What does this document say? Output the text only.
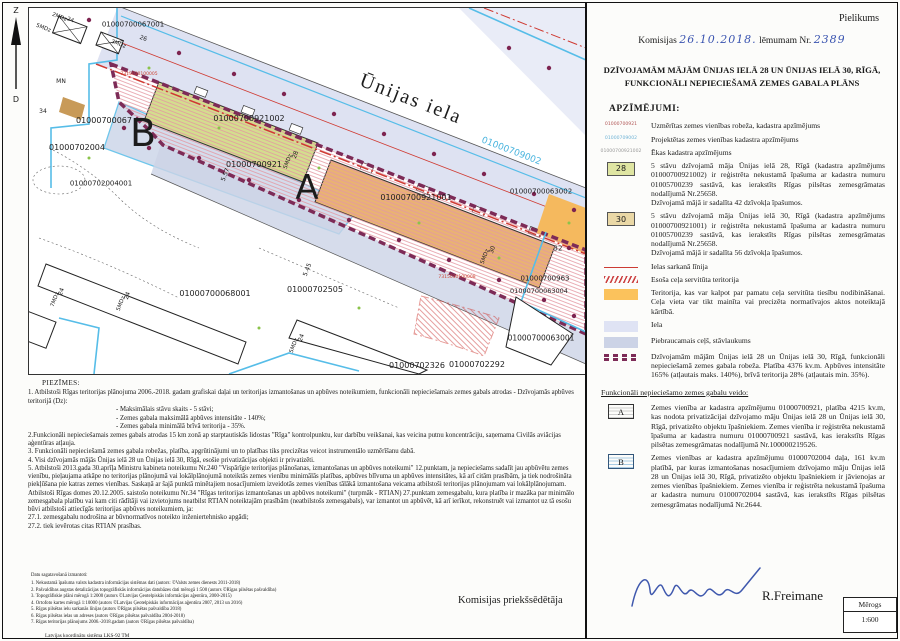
Z  D	Ūnijas iela
01000700921002
01000700921001
01000700921	01000709002
01000700063002
01000700067001
01000702004
01000702004001
01000700067
01000700068001	01000702505
01000702326 01000702292
01000700063001
01000700063004
01000700963
7315030100005
7315030100008
28
5MDz
30
5MDz
24
7MDz	24
5MDz
24
5MDz
5.57
5.45
32
B
A
MN
3MDz
26
2MDz
5MDz
24
34
Pielikums
Komisijas 26.10.2018. lēmumam Nr. 2389
DZĪVOJAMĀM MĀJĀM ŪNIJAS IELĀ 28 UN ŪNIJAS IELĀ 30, RĪGĀ,
FUNKCIONĀLI NEPIECIEŠAMĀ ZEMES GABALA PLĀNS
APZĪMĒJUMI:
01000700921	Uzmērītas zemes vienības robeža, kadastra apzīmējums
01000709002	Projektētas zemes vienības kadastra apzīmējums
01000700921002 Ēkas kadastra apzīmējums
28	5 stāvu dzīvojamā māja Ūnijas ielā 28, Rīgā (kadastra apzīmējums 01000700921002) ir reģistrēta nekustamā īpašuma ar kadastra numuru 01005700239 sastāvā, kas ierakstīts Rīgas pilsētas zemesgrāmatas nodalījumā Nr.25658.
Dzīvojamā mājā ir sadalīta 42 dzīvokļa īpašumos.
30	5 stāvu dzīvojamā māja Ūnijas ielā 30, Rīgā (kadastra apzīmējums 01000700921001) ir reģistrēta nekustamā īpašuma ar kadastra numuru 01005700239 sastāvā, kas ierakstīts Rīgas pilsētas zemesgrāmatas nodalījumā Nr.25658.
Dzīvojamā mājā ir sadalīta 56 dzīvokļa īpašumos.
Ielas sarkanā līnija
Esoša ceļa servitūta teritorija
Teritorija, kas var kalpot par pamatu ceļa servitūta tiesību nodibināšanai. Ceļa vieta var tikt mainīta vai precizēta normatīvajos aktos noteiktajā kārtībā.
Iela
Piebraucamais ceļš, stāvlaukums
Dzīvojamām mājām Ūnijas ielā 28 un Ūnijas ielā 30, Rīgā, funkcionāli nepieciešamā zemes gabala robeža. Platība 4376 kv.m. Apbūves intensitāte 165% (atļautais maks. 140%), brīvā teritorija 28% (atļautais min. 35%).
Funkcionāli nepieciešamo zemes gabalu veido:
A	Zemes vienība ar kadastra apzīmējumu 01000700921, platība 4215 kv.m, kas nodota privatizācijai dzīvojamo māju Ūnijas ielā 28 un Ūnijas ielā 30, Rīgā, privatizēto objektu īpašniekiem. Zemes vienība ir reģistrēta nekustamā īpašuma ar kadastra numuru 01000700921 sastāvā, kas ierakstīts Rīgas pilsētas zemesgrāmatas nodalījumā Nr.100000219526.
B	Zemes vienības ar kadastra apzīmējumu 01000702004 daļa, 161 kv.m platībā, par kuras izmantošanas nosacījumiem dzīvojamo māju Ūnijas ielā 28 un Ūnijas ielā 30, Rīgā, privatizēto objektu īpašniekiem ir jāvienojas ar zemes vienības īpašniekiem. Zemes vienība ir reģistrēta nekustamā īpašuma ar kadastra numuru 01000702004 sastāvā, kas ierakstīts Rīgas pilsētas zemesgrāmatas nodalījumā Nr.2644.
PIEZĪMES:
1. Atbilstoši Rīgas teritorijas plānojuma 2006.-2018. gadam grafiskai daļai un teritorijas izmantošanas un apbūves noteikumiem, funkcionāli nepieciešamais zemes gabals atrodas - Dzīvojamās apbūves teritorijā (Dz):
- Maksimālais stāvu skaits - 5 stāvi;
- Zemes gabala maksimālā apbūves intensitāte - 140%;
- Zemes gabala minimālā brīvā teritorija - 35%.
2.Funkcionāli nepieciešamais zemes gabals atrodas 15 km zonā ap starptautiskās lidostas "Rīga" kontrolpunktu, kur darbību veikšanai, kas veicina putnu koncentrāciju, saņemama Civilās aviācijas aģentūras atļauja.
3. Funkcionāli nepieciešamā zemes gabala robežas, platība, apgrūtinājumi un to platības tiks precizētas veicot instrumentālo uzmērīšanu dabā.
4. Visi dzīvojamās mājās Ūnijas ielā 28 un Ūnijas ielā 30, Rīgā, esošie privatizācijas objekti ir privatizēti.
5. Atbilstoši 2013.gada 30.aprīļa Ministru kabineta noteikumu Nr.240 "Vispārīgie teritorijas plānošanas, izmantošanas un apbūves noteikumi" 12.punktam, ja nepieciešams sadalīt jau apbūvētu zemes vienību, pieļaujama atkāpe no teritorijas plānojumā vai lokālplānojumā noteiktās zemes vienību minimālās platības, apbūves blīvuma un apbūves intensitātes, kā arī citām prasībām, ja tiek nodrošināta piekļūšana pie katras zemes vienības. Saskaņā ar šajā punktā minētajiem nosacījumiem izveidotās zemes vienības tālākā izmantošana veicama atbilstoši teritorijas plānojumam vai lokālplānojumam.
Atbilstoši Rīgas domes 20.12.2005. saistošo noteikumu Nr.34 "Rīgas teritorijas izmantošanas un apbūves noteikumi" (turpmāk - RTIAN) 27.punktam zemesgabalu, kura platība ir mazāka par minimālo zemesgabala platību vai kam citi rādītāji vai izvietojums neatbilst RTIAN noteiktajām prasībām (neatbilstošs zemesgabals), var izmantot un apbūvēt, kā arī ierīkot, rekonstruēt vai izmantot uz tā esošu būvi atbilstoši attiecīgās teritorijas apbūves noteikumiem, ja:
27.1. zemesgabalu nodrošina ar būvnormatīvos noteikto inženiertehnisko apgādi;
27.2. tiek ievērotas citas RTIAN prasības.
Datu sagatavošanā izmantoti:
1. Nekustamā īpašuma valsts kadastra informācijas sistēmas dati (autors: ©Valsts zemes dienests 2011-2018)
2. Pašvaldības augstas detalizācijas topogrāfiskās informācijas datubāzes dati mērogā 1:500 (autors ©Rīgas pilsētas pašvaldība)
3. Topogrāfiskie plāni mērogā 1:2000 (autors ©Latvijas Ģeotelpiskās informācijas aģentūra, 2000-2015)
4. Ortofoto kartes mērogā 1:10000 (autors ©Latvijas Ģeotelpiskās informācijas aģentūra 2007, 2013 un 2016)
5. Rīgas pilsētas ielu sarkanās līnijas (autors ©Rīgas pilsētas pašvaldība 2018)
6. Rīgas pilsētas ielas un adreses (autors ©Rīgas pilsētas pašvaldība 2004-2018)
7. Rīgas teritorijas plānojums 2006.-2018.gadam (autors ©Rīgas pilsētas pašvaldība)
Latvijas koordinātu sistēma LKS-92 TM
Komisijas priekšsēdētāja	R.Freimane
Mērogs
1:600
